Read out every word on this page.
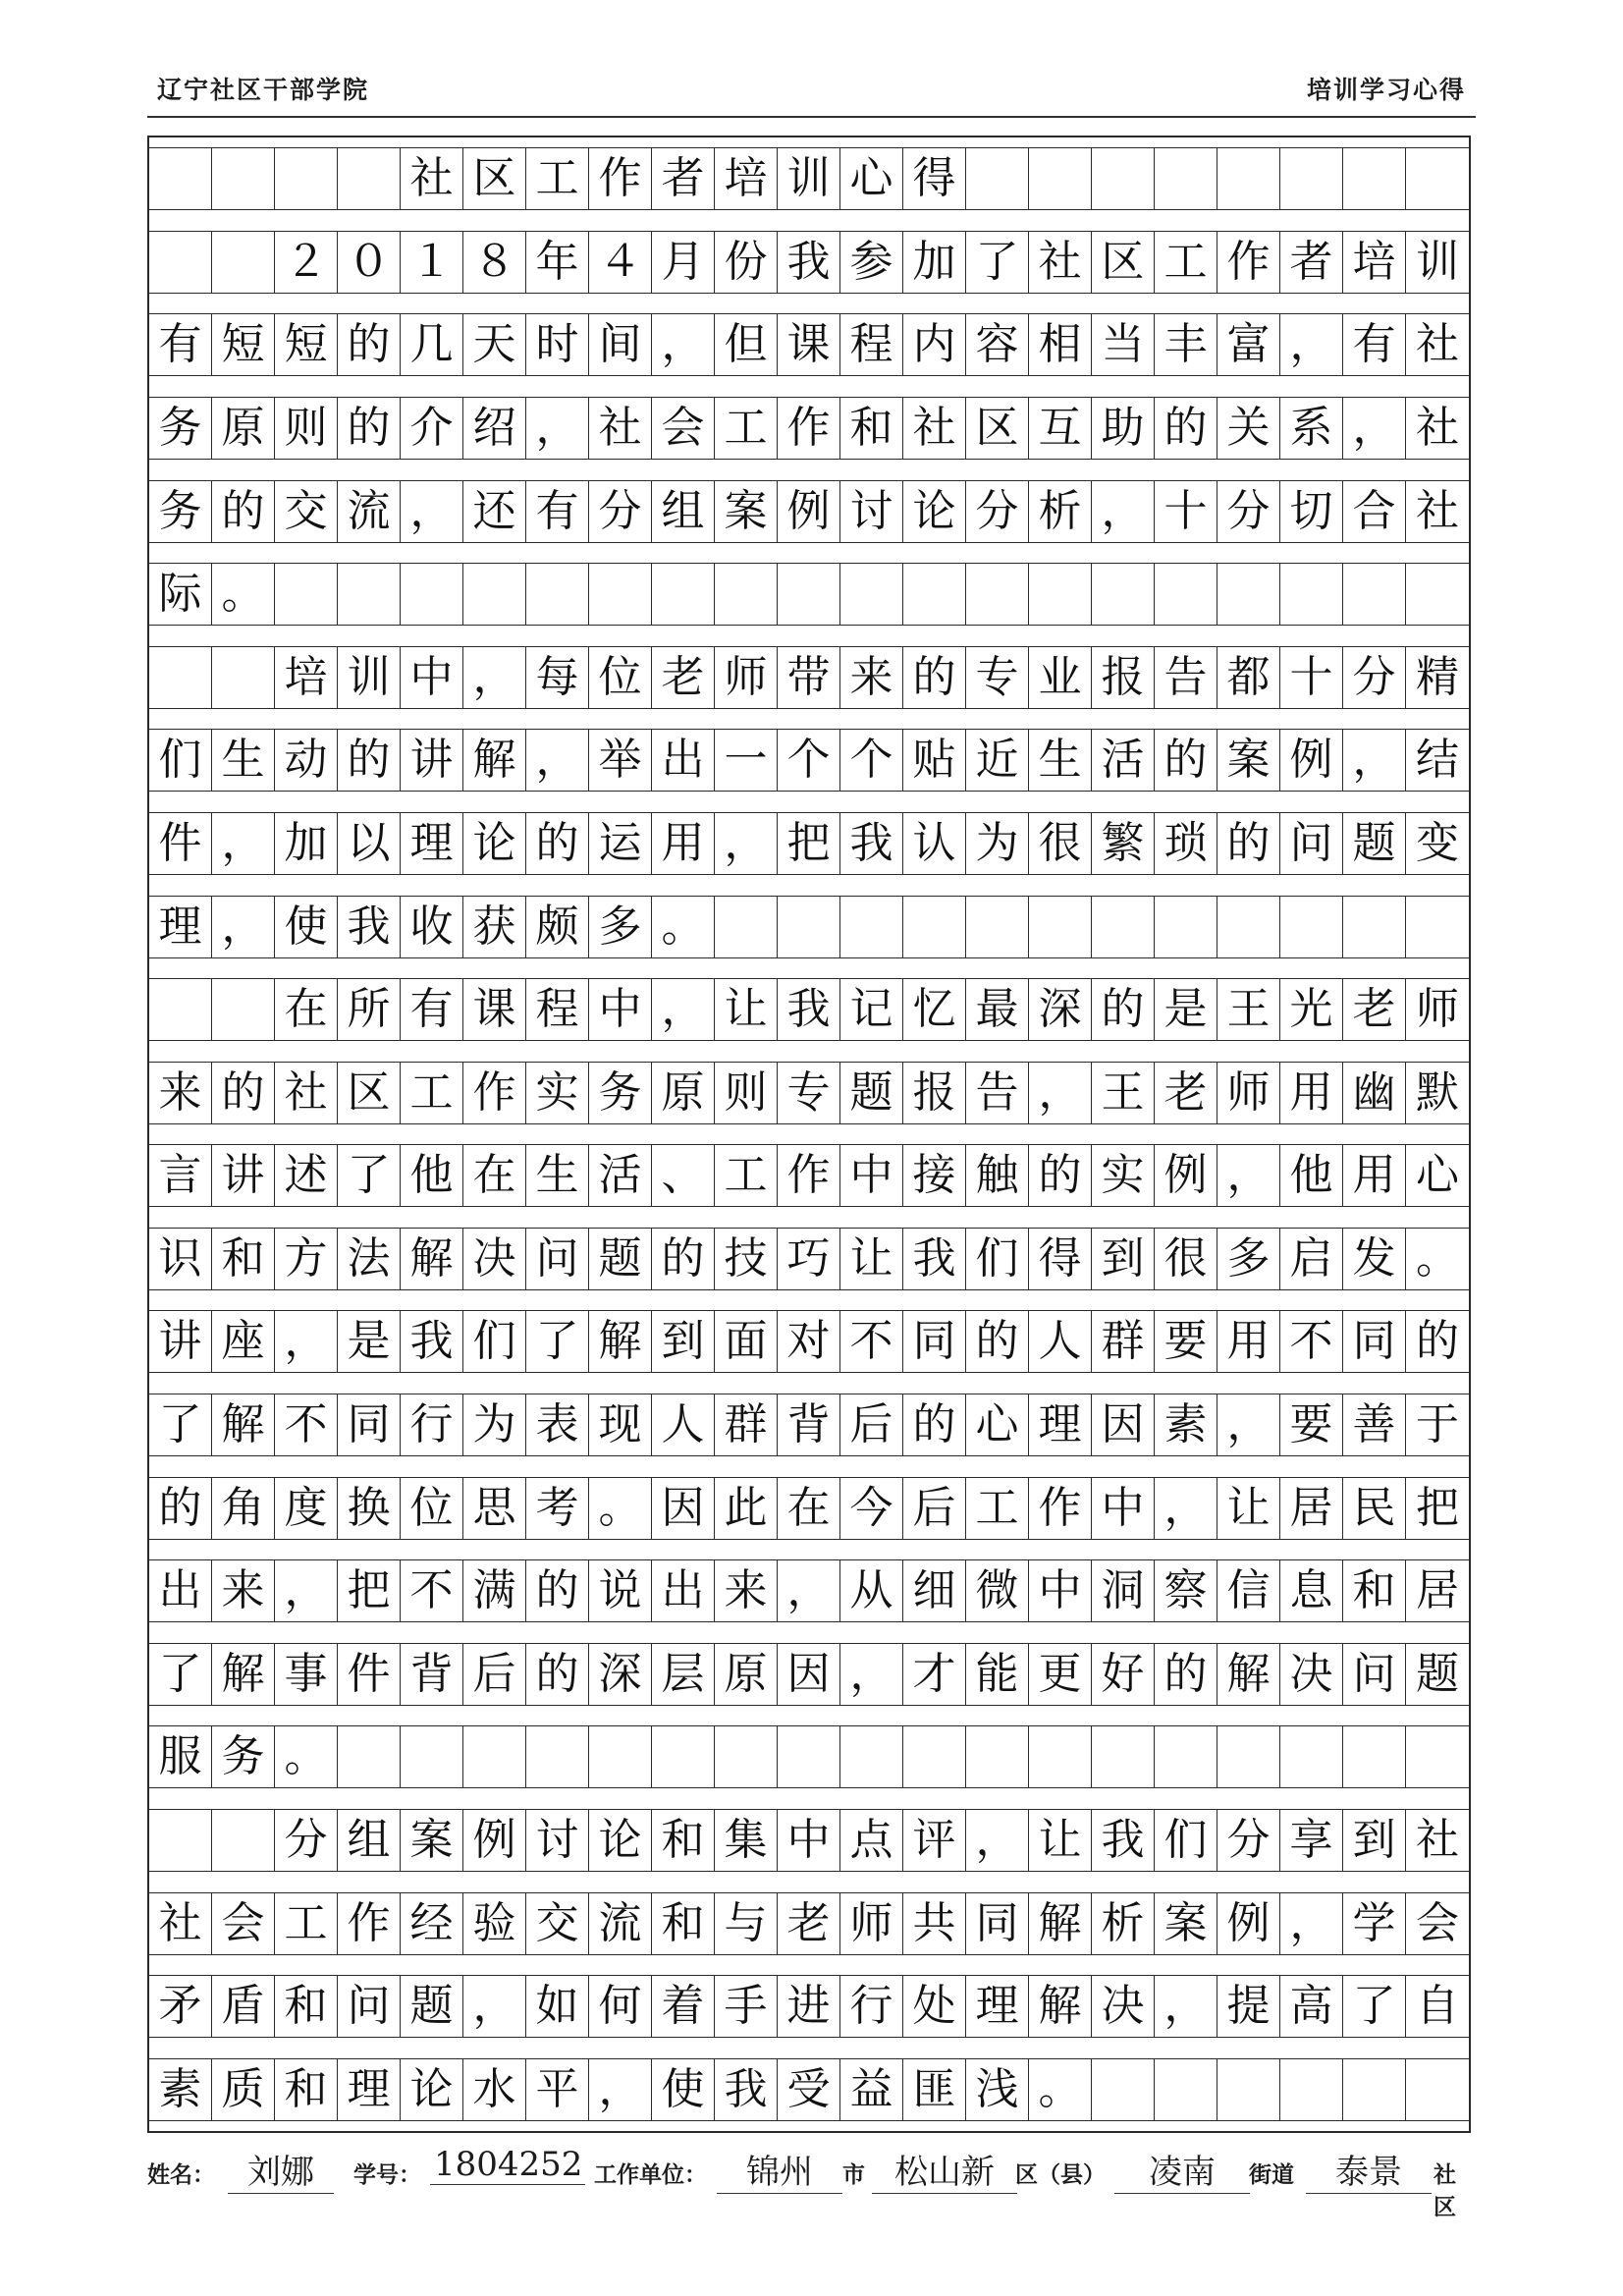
辽宁社区干部学院	培训学习心得
社 区 工 作 者 培 训 心 得
２ ０ １ ８ 年 ４ 月 份 我 参 加 了 社 区 工 作 者 培 训
有 短 短 的 几 天 时 间 ， 但 课 程 内 容 相 当 丰 富 ， 有 社
务 原 则 的 介 绍 ， 社 会 工 作 和 社 区 互 助 的 关 系 ， 社
务 的 交 流 ， 还 有 分 组 案 例 讨 论 分 析 ， 十 分 切 合 社
际 。
培 训 中 ， 每 位 老 师 带 来 的 专 业 报 告 都 十 分 精
们 生 动 的 讲 解 ， 举 出 一 个 个 贴 近 生 活 的 案 例 ， 结
件 ， 加 以 理 论 的 运 用 ， 把 我 认 为 很 繁 琐 的 问 题 变
理 ， 使 我 收 获 颇 多 。
在 所 有 课 程 中 ， 让 我 记 忆 最 深 的 是 王 光 老 师
来 的 社 区 工 作 实 务 原 则 专 题 报 告 ， 王 老 师 用 幽 默
言 讲 述 了 他 在 生 活 、 工 作 中 接 触 的 实 例 ， 他 用 心
识 和 方 法 解 决 问 题 的 技 巧 让 我 们 得 到 很 多 启 发 。
讲 座 ， 是 我 们 了 解 到 面 对 不 同 的 人 群 要 用 不 同 的
了 解 不 同 行 为 表 现 人 群 背 后 的 心 理 因 素 ， 要 善 于
的 角 度 换 位 思 考 。 因 此 在 今 后 工 作 中 ， 让 居 民 把
出 来 ， 把 不 满 的 说 出 来 ， 从 细 微 中 洞 察 信 息 和 居
了 解 事 件 背 后 的 深 层 原 因 ， 才 能 更 好 的 解 决 问 题
服 务 。
分 组 案 例 讨 论 和 集 中 点 评 ， 让 我 们 分 享 到 社
社 会 工 作 经 验 交 流 和 与 老 师 共 同 解 析 案 例 ， 学 会
矛 盾 和 问 题 ， 如 何 着 手 进 行 处 理 解 决 ， 提 高 了 自
素 质 和 理 论 水 平 ， 使 我 受 益 匪 浅 。
姓名： 刘娜	学号： 1804252 工作单位：	锦州	市 松山新 区（县）	凌南	街道	泰景	社区
